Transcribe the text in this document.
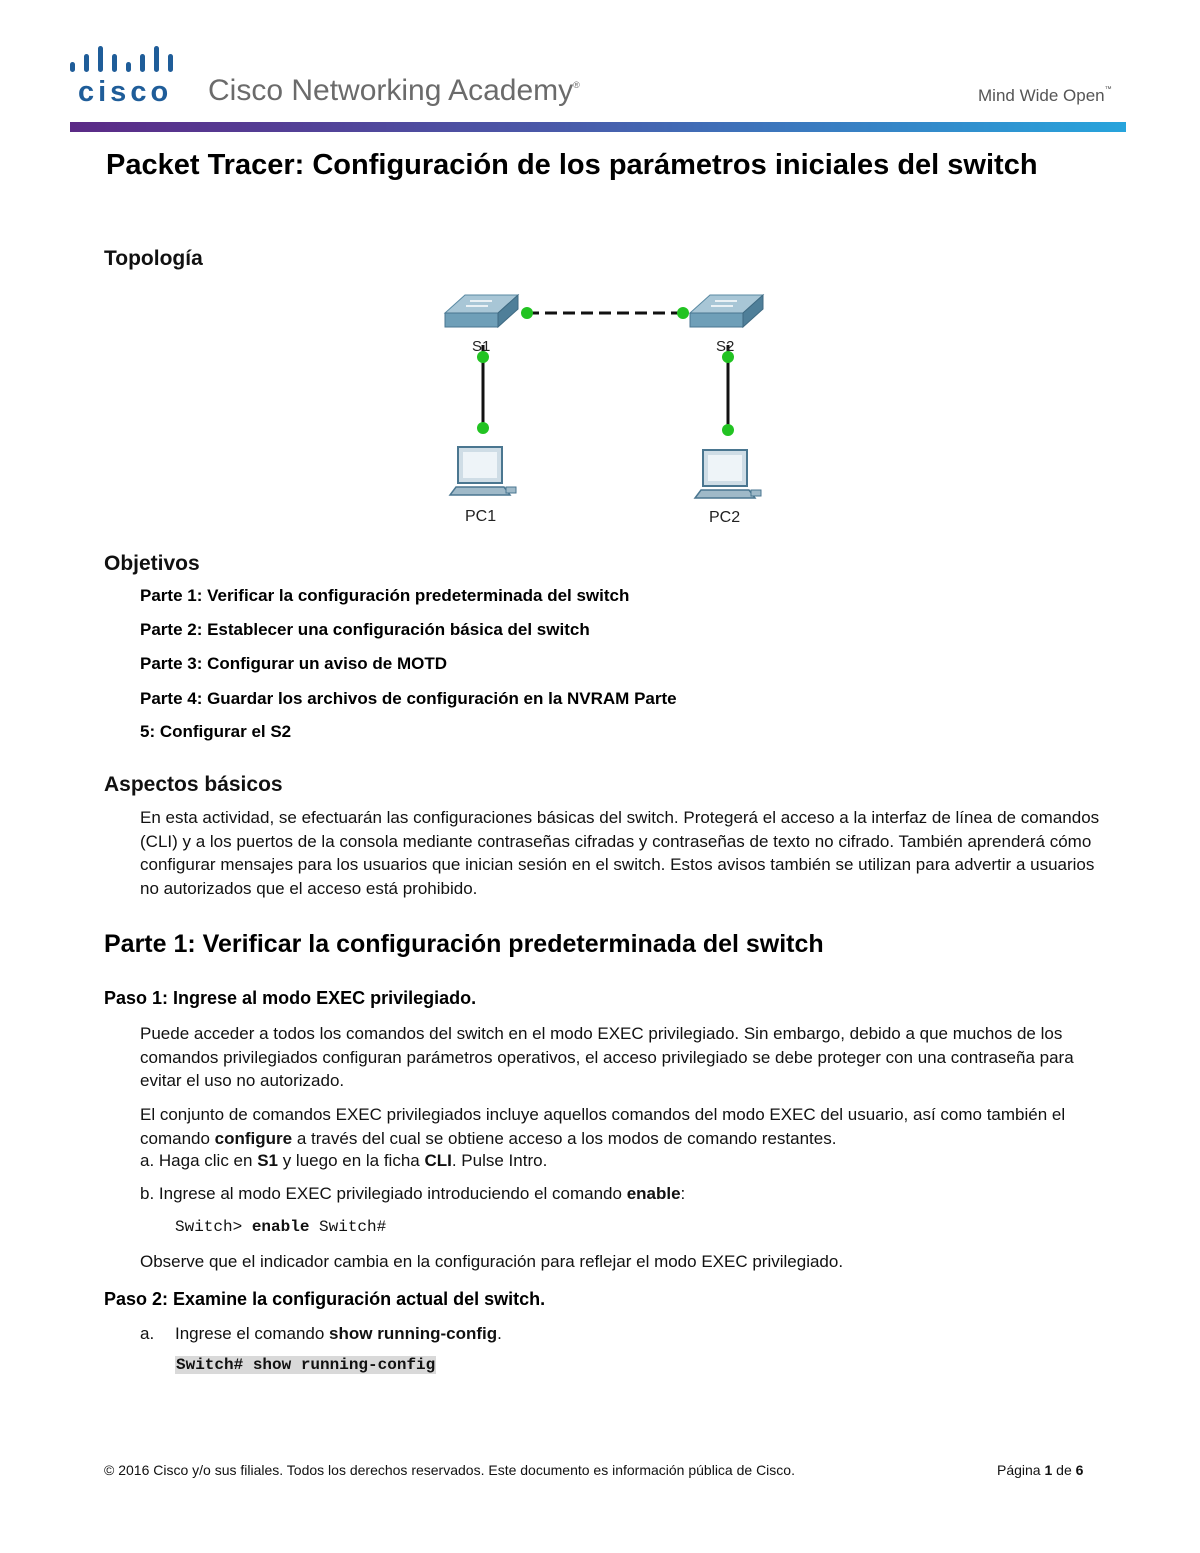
cisco Cisco Networking Academy®
Mind Wide Open™
Packet Tracer: Configuración de los parámetros iniciales del switch
Topología
S1	S2
PC1	PC2
Objetivos

Parte 1: Verificar la configuración predeterminada del switch

Parte 2: Establecer una configuración básica del switch

Parte 3: Configurar un aviso de MOTD

Parte 4: Guardar los archivos de configuración en la NVRAM Parte

5: Configurar el S2

Aspectos básicos

En esta actividad, se efectuarán las configuraciones básicas del switch. Protegerá el acceso a la interfaz de línea de comandos (CLI) y a los puertos de la consola mediante contraseñas cifradas y contraseñas de texto no cifrado. También aprenderá cómo configurar mensajes para los usuarios que inician sesión en el switch. Estos avisos también se utilizan para advertir a usuarios no autorizados que el acceso está prohibido.

Parte 1: Verificar la configuración predeterminada del switch
Paso 1: Ingrese al modo EXEC privilegiado.

Puede acceder a todos los comandos del switch en el modo EXEC privilegiado. Sin embargo, debido a que muchos de los comandos privilegiados configuran parámetros operativos, el acceso privilegiado se debe proteger con una contraseña para evitar el uso no autorizado.

El conjunto de comandos EXEC privilegiados incluye aquellos comandos del modo EXEC del usuario, así como también el comando configure a través del cual se obtiene acceso a los modos de comando restantes.

a. Haga clic en S1 y luego en la ficha CLI. Pulse Intro.

b. Ingrese al modo EXEC privilegiado introduciendo el comando enable:

Switch> enable Switch#

Observe que el indicador cambia en la configuración para reflejar el modo EXEC privilegiado.

Paso 2: Examine la configuración actual del switch.

a. Ingrese el comando show running-config.

Switch# show running-config

© 2016 Cisco y/o sus filiales. Todos los derechos reservados. Este documento es información pública de Cisco.	Página 1 de 6
